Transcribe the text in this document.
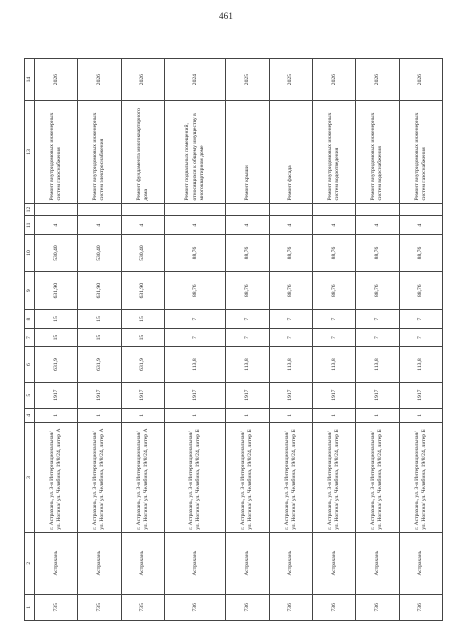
461
1	2	3	4	5	6	7	8	9	10	11	12	13	14
735	Астрахань	г. Астрахань, ул. 3-я Интернациональная/ ул. Ногина/ ул. Челябина, 19/8/24, литер А	1	1917	631,9	15	15	631,90	530,40	4		Ремонт внутридомовых инженерных систем газоснабжения	2026
735	Астрахань	г. Астрахань, ул. 3-я Интернациональная/ ул. Ногина/ ул. Челябина, 19/8/24, литер А	1	1917	631,9	15	15	631,90	530,40	4		Ремонт внутридомовых инженерных систем электроснабжения	2026
735	Астрахань	г. Астрахань, ул. 3-я Интернациональная/ ул. Ногина/ ул. Челябина, 19/8/24, литер А	1	1917	631,9	15	15	631,90	530,40	4		Ремонт фундамента многоквартирного дома	2026
736	Астрахань	г. Астрахань, ул. 3-я Интернациональная/ ул. Ногина/ ул. Челябина, 19/8/24, литер Б	1	1917	113,8	7	7	88,76	88,76	4		Ремонт подвальных помещений, относящихся к общему имуществу в многоквартирном доме	2024
736	Астрахань	г. Астрахань, ул. 3-я Интернациональная/ ул. Ногина/ ул. Челябина, 19/8/24, литер Б	1	1917	113,8	7	7	88,76	88,76	4		Ремонт крыши	2025
736	Астрахань	г. Астрахань, ул. 3-я Интернациональная/ ул. Ногина/ ул. Челябина, 19/8/24, литер Б	1	1917	113,8	7	7	88,76	88,76	4		Ремонт фасада	2025
736	Астрахань	г. Астрахань, ул. 3-я Интернациональная/ ул. Ногина/ ул. Челябина, 19/8/24, литер Б	1	1917	113,8	7	7	88,76	88,76	4		Ремонт внутридомовых инженерных систем водоотведения	2026
736	Астрахань	г. Астрахань, ул. 3-я Интернациональная/ ул. Ногина/ ул. Челябина, 19/8/24, литер Б	1	1917	113,8	7	7	88,76	88,76	4		Ремонт внутридомовых инженерных систем водоснабжения	2026
736	Астрахань	г. Астрахань, ул. 3-я Интернациональная/ ул. Ногина/ ул. Челябина, 19/8/24, литер Б	1	1917	113,8	7	7	88,76	88,76	4		Ремонт внутридомовых инженерных систем газоснабжения	2026
